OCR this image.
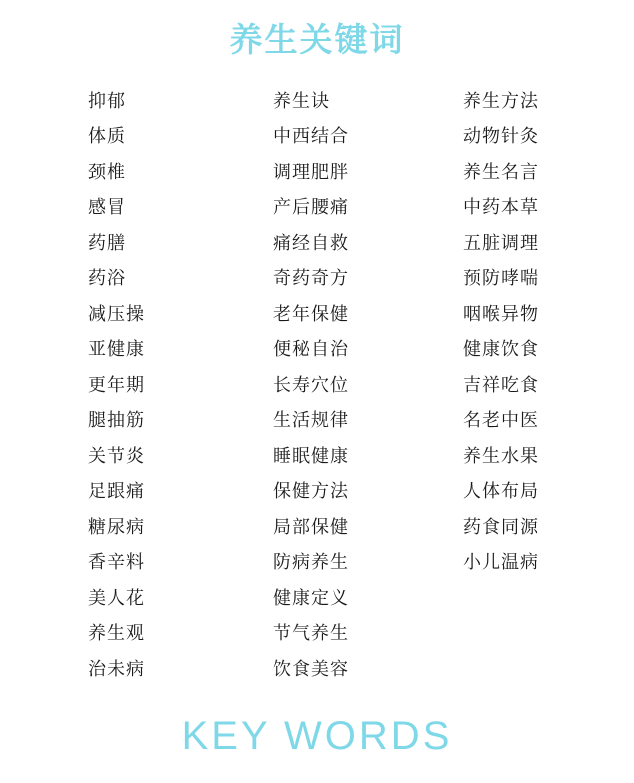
养生关键词
抑郁
体质
颈椎
感冒
药膳
药浴
减压操
亚健康
更年期
腿抽筋
关节炎
足跟痛
糖尿病
香辛料
美人花
养生观
治未病
养生诀
中西结合
调理肥胖
产后腰痛
痛经自救
奇药奇方
老年保健
便秘自治
长寿穴位
生活规律
睡眠健康
保健方法
局部保健
防病养生
健康定义
节气养生
饮食美容
养生方法
动物针灸
养生名言
中药本草
五脏调理
预防哮喘
咽喉异物
健康饮食
吉祥吃食
名老中医
养生水果
人体布局
药食同源
小儿温病
KEY WORDS
